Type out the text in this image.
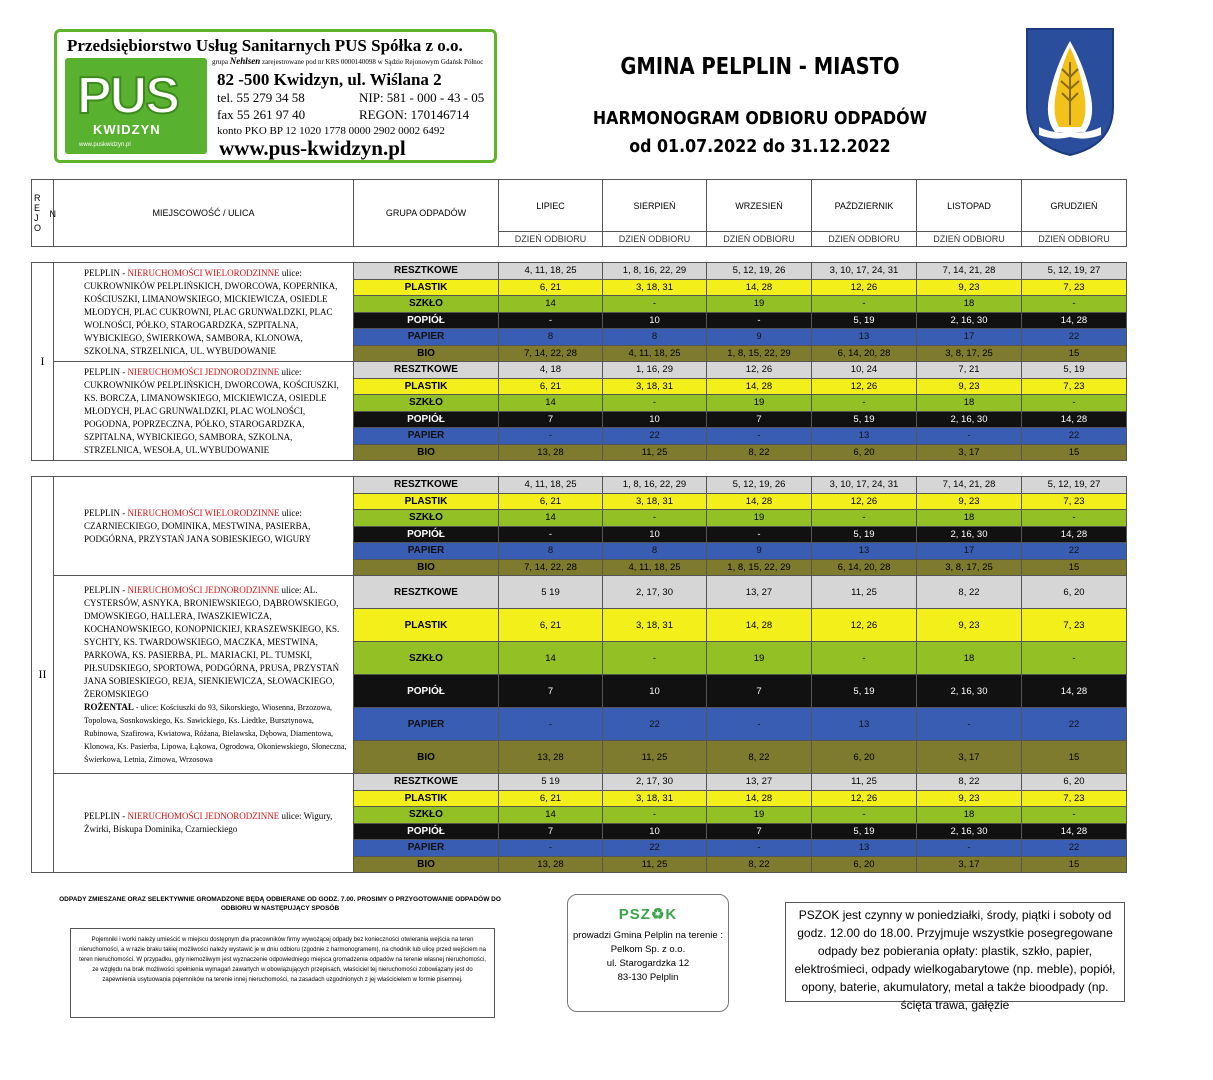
Przedsiębiorstwo Usług Sanitarnych PUS Spółka z o.o.
PUS
KWIDZYN
www.puskwidzyn.pl
grupa Nehlsen zarejestrowane pod nr KRS 0000140098 w Sądzie Rejonowym Gdańsk Północ
82 -500 Kwidzyn, ul. Wiślana 2
tel. 55 279 34 58
fax 55 261 97 40
NIP: 581 - 000 - 43 - 05
REGON: 170146714
konto PKO BP 12 1020 1778 0000 2902 0002 6492
www.pus-kwidzyn.pl
GMINA PELPLIN - MIASTO
HARMONOGRAM ODBIORU ODPADÓW
od 01.07.2022 do 31.12.2022
R
E
J
O N	MIEJSCOWOŚĆ / ULICA	GRUPA ODPADÓW	LIPIEC	SIERPIEŃ	WRZESIEŃ	PAŹDZIERNIK	LISTOPAD	GRUDZIEŃ
			DZIEŃ ODBIORU	DZIEŃ ODBIORU	DZIEŃ ODBIORU	DZIEŃ ODBIORU	DZIEŃ ODBIORU	DZIEŃ ODBIORU
I	PELPLIN - NIERUCHOMOŚCI WIELORODZINNE ulice: CUKROWNIKÓW PELPLIŃSKICH, DWORCOWA, KOPERNIKA, KOŚCIUSZKI, LIMANOWSKIEGO, MICKIEWICZA, OSIEDLE MŁODYCH, PLAC CUKROWNI, PLAC GRUNWALDZKI, PLAC WOLNOŚCI, PÓŁKO, STAROGARDZKA, SZPITALNA, WYBICKIEGO, ŚWIERKOWA, SAMBORA, KLONOWA, SZKOLNA, STRZELNICA, UL. WYBUDOWANIE	RESZTKOWE	4, 11, 18, 25	1, 8, 16, 22, 29	5, 12, 19, 26	3, 10, 17, 24, 31	7, 14, 21, 28	5, 12, 19, 27
		PLASTIK	6, 21	3, 18, 31	14, 28	12, 26	9, 23	7, 23
		SZKŁO	14	-	19	-	18	-
		POPIÓŁ	-	10	-	5, 19	2, 16, 30	14, 28
		PAPIER	8	8	9	13	17	22
		BIO	7, 14, 22, 28	4, 11, 18, 25	1, 8, 15, 22, 29	6, 14, 20, 28	3, 8, 17, 25	15
	PELPLIN - NIERUCHOMOŚCI JEDNORODZINNE ulice: CUKROWNIKÓW PELPLIŃSKICH, DWORCOWA, KOŚCIUSZKI, KS. BORCZA, LIMANOWSKIEGO, MICKIEWICZA, OSIEDLE MŁODYCH, PLAC GRUNWALDZKI, PLAC WOLNOŚCI, POGODNA, POPRZECZNA, PÓŁKO, STAROGARDZKA, SZPITALNA, WYBICKIEGO, SAMBORA, SZKOLNA, STRZELNICA, WESOŁA, UL.WYBUDOWANIE	RESZTKOWE	4, 18	1, 16, 29	12, 26	10, 24	7, 21	5, 19
		PLASTIK	6, 21	3, 18, 31	14, 28	12, 26	9, 23	7, 23
		SZKŁO	14	-	19	-	18	-
		POPIÓŁ	7	10	7	5, 19	2, 16, 30	14, 28
		PAPIER	-	22	-	13	-	22
		BIO	13, 28	11, 25	8, 22	6, 20	3, 17	15
II	PELPLIN - NIERUCHOMOŚCI WIELORODZINNE ulice: CZARNIECKIEGO, DOMINIKA, MESTWINA, PASIERBA, PODGÓRNA, PRZYSTAŃ JANA SOBIESKIEGO, WIGURY	RESZTKOWE	4, 11, 18, 25	1, 8, 16, 22, 29	5, 12, 19, 26	3, 10, 17, 24, 31	7, 14, 21, 28	5, 12, 19, 27
		PLASTIK	6, 21	3, 18, 31	14, 28	12, 26	9, 23	7, 23
		SZKŁO	14	-	19	-	18	-
		POPIÓŁ	-	10	-	5, 19	2, 16, 30	14, 28
		PAPIER	8	8	9	13	17	22
		BIO	7, 14, 22, 28	4, 11, 18, 25	1, 8, 15, 22, 29	6, 14, 20, 28	3, 8, 17, 25	15
	PELPLIN - NIERUCHOMOŚCI JEDNORODZINNE ulice: AL. CYSTERSÓW, ASNYKA, BRONIEWSKIEGO, DĄBROWSKIEGO, DMOWSKIEGO, HALLERA, IWASZKIEWICZA, KOCHANOWSKIEGO, KONOPNICKIEJ, KRASZEWSKIEGO, KS. SYCHTY, KS. TWARDOWSKIEGO, MACZKA, MESTWINA, PARKOWA, KS. PASIERBA, PL. MARIACKI, PL. TUMSKI, PIŁSUDSKIEGO, SPORTOWA, PODGÓRNA, PRUSA, PRZYSTAŃ JANA SOBIESKIEGO, REJA, SIENKIEWICZA, SŁOWACKIEGO, ŻEROMSKIEGO
ROŻENTAL - ulice: Kościuszki do 93, Sikorskiego, Wiosenna, Brzozowa, Topolowa, Sosnkowskiego, Ks. Sawickiego, Ks. Liedtke, Bursztynowa, Rubinowa, Szafirowa, Kwiatowa, Różana, Bielawska, Dębowa, Diamentowa, Klonowa, Ks. Pasierba, Lipowa, Łąkowa, Ogrodowa, Okoniewskiego, Słoneczna, Świerkowa, Letnia, Zimowa, Wrzosowa	RESZTKOWE	5 19	2, 17, 30	13, 27	11, 25	8, 22	6, 20
		PLASTIK	6, 21	3, 18, 31	14, 28	12, 26	9, 23	7, 23
		SZKŁO	14	-	19	-	18	-
		POPIÓŁ	7	10	7	5, 19	2, 16, 30	14, 28
		PAPIER	-	22	-	13	-	22
		BIO	13, 28	11, 25	8, 22	6, 20	3, 17	15
	PELPLIN - NIERUCHOMOŚCI JEDNORODZINNE ulice: Wigury, Żwirki, Biskupa Dominika, Czarnieckiego	RESZTKOWE	5 19	2, 17, 30	13, 27	11, 25	8, 22	6, 20
		PLASTIK	6, 21	3, 18, 31	14, 28	12, 26	9, 23	7, 23
		SZKŁO	14	-	19	-	18	-
		POPIÓŁ	7	10	7	5, 19	2, 16, 30	14, 28
		PAPIER	-	22	-	13	-	22
		BIO	13, 28	11, 25	8, 22	6, 20	3, 17	15
ODPADY ZMIESZANE ORAZ SELEKTYWNIE GROMADZONE BĘDĄ ODBIERANE OD GODZ. 7.00. PROSIMY O PRZYGOTOWANIE ODPADÓW DO ODBIORU W NASTĘPUJĄCY SPOSÓB
Pojemniki i worki należy umieścić w miejscu dostępnym dla pracowników firmy wywożącej odpady bez konieczności otwierania wejścia na teren nieruchomości, a w razie braku takiej możliwości należy wystawić je w dniu odbioru (zgodnie z harmonogramem), na chodnik lub ulicę przed wejściem na teren nieruchomości. W przypadku, gdy niemożliwym jest wyznaczenie odpowiedniego miejsca gromadzenia odpadów na terenie własnej nieruchomości, ze względu na brak możliwości spełnienia wymagań zawartych w obowiązujących przepisach, właściciel tej nieruchomości zobowiązany jest do zapewnienia usytuowania pojemników na terenie innej nieruchomości, na zasadach uzgodnionych z jej właścicielem w formie pisemnej.
PSZ♻K
prowadzi Gmina Pelplin na terenie :
Pelkom Sp. z o.o.
ul. Starogardzka 12
83-130 Pelplin
PSZOK jest czynny w poniedziałki, środy, piątki i soboty od godz. 12.00 do 18.00. Przyjmuje wszystkie posegregowane odpady bez pobierania opłaty: plastik, szkło, papier, elektrośmieci, odpady wielkogabarytowe (np. meble), popiół, opony, baterie, akumulatory, metal a także bioodpady (np. ścięta trawa, gałęzie
